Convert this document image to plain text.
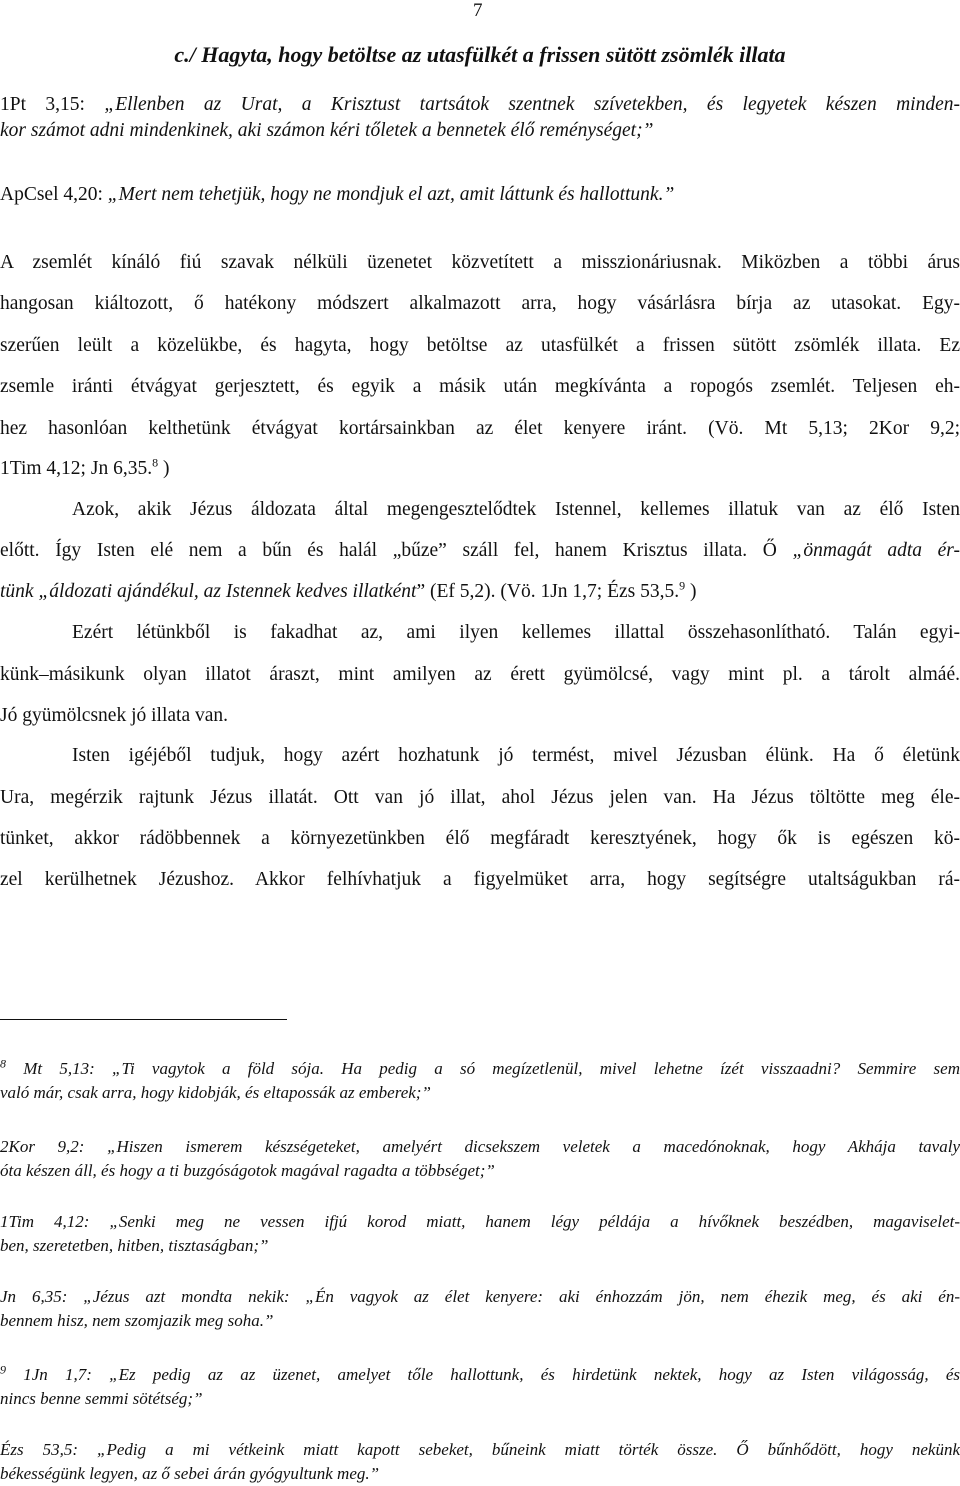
7
c./ Hagyta, hogy betöltse az utasfülkét a frissen sütött zsömlék illata
1Pt 3,15: „Ellenben az Urat, a Krisztust tartsátok szentnek szívetekben, és legyetek készen minden-
kor számot adni mindenkinek, aki számon kéri tőletek a bennetek élő reménységet;”
ApCsel 4,20: „Mert nem tehetjük, hogy ne mondjuk el azt, amit láttunk és hallottunk.”
A zsemlét kínáló fiú szavak nélküli üzenetet közvetített a misszionáriusnak. Miközben a többi árus
hangosan kiáltozott, ő hatékony módszert alkalmazott arra, hogy vásárlásra bírja az utasokat. Egy-
szerűen leült a közelükbe, és hagyta, hogy betöltse az utasfülkét a frissen sütött zsömlék illata. Ez
zsemle iránti étvágyat gerjesztett, és egyik a másik után megkívánta a ropogós zsemlét. Teljesen eh-
hez hasonlóan kelthetünk étvágyat kortársainkban az élet kenyere iránt. (Vö. Mt 5,13; 2Kor 9,2;
1Tim 4,12; Jn 6,35.$^8$ )
Azok, akik Jézus áldozata által megengesztelődtek Istennel, kellemes illatuk van az élő Isten
előtt. Így Isten elé nem a bűn és halál „bűze” száll fel, hanem Krisztus illata. Ő „önmagát adta ér-
tünk „áldozati ajándékul, az Istennek kedves illatként” (Ef 5,2). (Vö. 1Jn 1,7; Ézs 53,5.$^9$ )
Ezért létünkből is fakadhat az, ami ilyen kellemes illattal összehasonlítható. Talán egyi-
künk–másikunk olyan illatot áraszt, mint amilyen az érett gyümölcsé, vagy mint pl. a tárolt almáé.
Jó gyümölcsnek jó illata van.
Isten igéjéből tudjuk, hogy azért hozhatunk jó termést, mivel Jézusban élünk. Ha ő életünk
Ura, megérzik rajtunk Jézus illatát. Ott van jó illat, ahol Jézus jelen van. Ha Jézus töltötte meg éle-
tünket, akkor rádöbbennek a környezetünkben élő megfáradt keresztyének, hogy ők is egészen kö-
zel kerülhetnek Jézushoz. Akkor felhívhatjuk a figyelmüket arra, hogy segítségre utaltságukban rá-
$^8$ Mt 5,13: „Ti vagytok a föld sója. Ha pedig a só megízetlenül, mivel lehetne ízét visszaadni? Semmire sem
való már, csak arra, hogy kidobják, és eltapossák az emberek;”
2Kor 9,2: „Hiszen ismerem készségeteket, amelyért dicsekszem veletek a macedónoknak, hogy Akhája tavaly
óta készen áll, és hogy a ti buzgóságotok magával ragadta a többséget;”
1Tim 4,12: „Senki meg ne vessen ifjú korod miatt, hanem légy példája a hívőknek beszédben, magaviselet-
ben, szeretetben, hitben, tisztaságban;”
Jn 6,35: „Jézus azt mondta nekik: „Én vagyok az élet kenyere: aki énhozzám jön, nem éhezik meg, és aki én-
bennem hisz, nem szomjazik meg soha.”
$^9$ 1Jn 1,7: „Ez pedig az az üzenet, amelyet tőle hallottunk, és hirdetünk nektek, hogy az Isten világosság, és
nincs benne semmi sötétség;”
Ézs 53,5: „Pedig a mi vétkeink miatt kapott sebeket, bűneink miatt törték össze. Ő bűnhődött, hogy nekünk
békességünk legyen, az ő sebei árán gyógyultunk meg.”
